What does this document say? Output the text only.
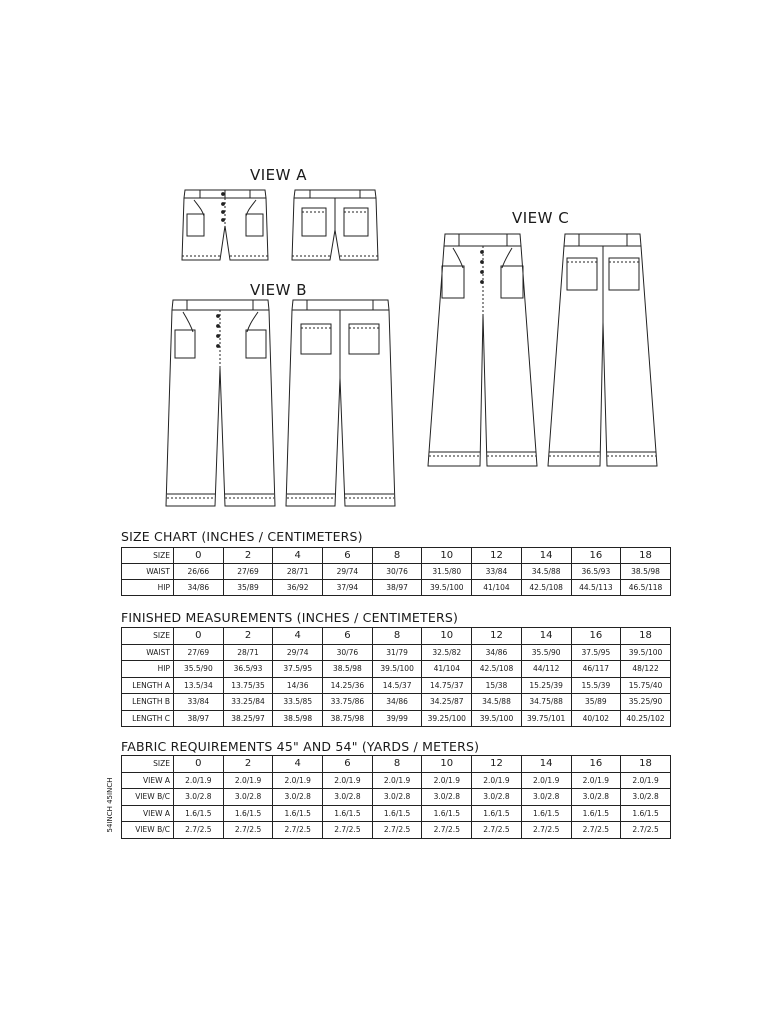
VIEW A
VIEW B
VIEW C
SIZE CHART (INCHES / CENTIMETERS)
SIZE	0	2	4	6	8	10	12	14	16	18
WAIST	26/66	27/69	28/71	29/74	30/76	31.5/80	33/84	34.5/88	36.5/93	38.5/98
HIP	34/86	35/89	36/92	37/94	38/97	39.5/100	41/104	42.5/108	44.5/113	46.5/118
FINISHED MEASUREMENTS (INCHES / CENTIMETERS)
SIZE	0	2	4	6	8	10	12	14	16	18
WAIST	27/69	28/71	29/74	30/76	31/79	32.5/82	34/86	35.5/90	37.5/95	39.5/100
HIP	35.5/90	36.5/93	37.5/95	38.5/98	39.5/100	41/104	42.5/108	44/112	46/117	48/122
LENGTH A	13.5/34	13.75/35	14/36	14.25/36	14.5/37	14.75/37	15/38	15.25/39	15.5/39	15.75/40
LENGTH B	33/84	33.25/84	33.5/85	33.75/86	34/86	34.25/87	34.5/88	34.75/88	35/89	35.25/90
LENGTH C	38/97	38.25/97	38.5/98	38.75/98	39/99	39.25/100	39.5/100	39.75/101	40/102	40.25/102
FABRIC REQUIREMENTS 45" AND 54" (YARDS / METERS)
SIZE	0	2	4	6	8	10	12	14	16	18
VIEW A	2.0/1.9	2.0/1.9	2.0/1.9	2.0/1.9	2.0/1.9	2.0/1.9	2.0/1.9	2.0/1.9	2.0/1.9	2.0/1.9
VIEW B/C	3.0/2.8	3.0/2.8	3.0/2.8	3.0/2.8	3.0/2.8	3.0/2.8	3.0/2.8	3.0/2.8	3.0/2.8	3.0/2.8
VIEW A	1.6/1.5	1.6/1.5	1.6/1.5	1.6/1.5	1.6/1.5	1.6/1.5	1.6/1.5	1.6/1.5	1.6/1.5	1.6/1.5
VIEW B/C	2.7/2.5	2.7/2.5	2.7/2.5	2.7/2.5	2.7/2.5	2.7/2.5	2.7/2.5	2.7/2.5	2.7/2.5	2.7/2.5
54INCH 45INCH
